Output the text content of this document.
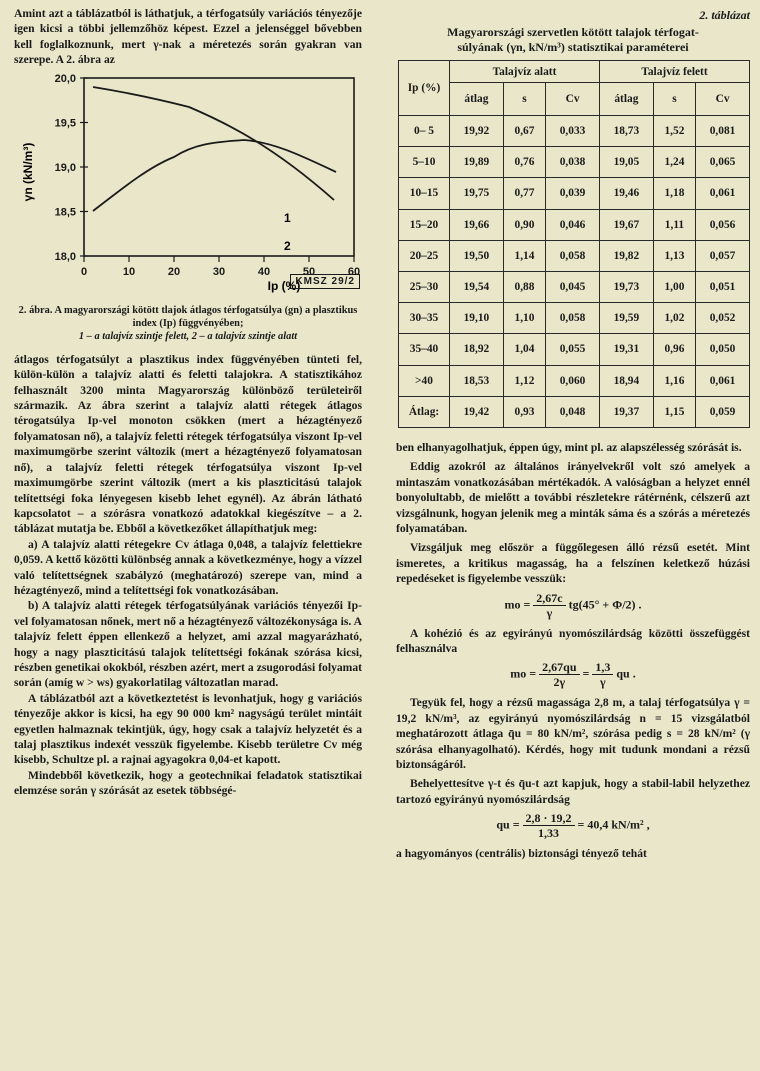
Amint azt a táblázatból is láthatjuk, a térfogatsúly variációs tényezője igen kicsi a többi jellemzőhöz képest. Ezzel a jelenséggel bővebben kell foglalkoznunk, mert γ-nak a méretezés során gyakran van szerepe. A 2. ábra az

20,0
19,5
19,0
18,5
18,0
γn (kN/m³)
0	10	20	30	40	50	60
Ip (%)
1
2
KMSZ 29/2
2. ábra. A magyarországi kötött tlajok átlagos térfogatsúlya (gn) a plasztikus index (Ip) függvényében;
1 – a talajvíz szintje felett, 2 – a talajvíz szintje alatt

átlagos térfogatsúlyt a plasztikus index függvényében tünteti fel, külön-külön a talajvíz alatti és feletti talajokra. A statisztikához felhasznált 3200 minta Magyarország különböző területeiről származik. Az ábra szerint a talajvíz alatti rétegek átlagos térogatsúlya Ip-vel monoton csökken (mert a hézagtényező folyamatosan nő), a talajvíz feletti rétegek térfogatsúlya viszont Ip-vel maximumgörbe szerint változik (mert a hézagtényező folyamatosan nő), a talajvíz feletti rétegek térfogatsúlya viszont Ip-vel maximumgörbe szerint változik (mert a kis plaszticitású talajok telítettségi foka lényegesen kisebb lehet egynél). Az ábrán látható kapcsolatot – a szórásra vonatkozó adatokkal kiegészítve – a 2. táblázat mutatja be. Ebből a következőket állapíthatjuk meg:

a) A talajvíz alatti rétegekre Cv átlaga 0,048, a talajvíz felettiekre 0,059. A kettő közötti különbség annak a következménye, hogy a vízzel való telítettségnek szabályzó (meghatározó) szerepe van, mind a hézagtényező, mind a telítettségi fok vonatkozásában.

b) A talajvíz alatti rétegek térfogatsúlyának variációs tényezői Ip-vel folyamatosan nőnek, mert nő a hézagtényező változékonysága is. A talajvíz felett éppen ellenkező a helyzet, ami azzal magyarázható, hogy a nagy plaszticitású talajok telítettségi fokának szórása kicsi, részben genetikai okokból, részben azért, mert a zsugorodási folyamat során (amíg w > ws) gyakorlatilag változatlan marad.

A táblázatból azt a következtetést is levonhatjuk, hogy g variációs tényezője akkor is kicsi, ha egy 90 000 km² nagyságú terület mintáit egyetlen halmaznak tekintjük, úgy, hogy csak a talajvíz helyzetét és a talaj plasztikus indexét vesszük figyelembe. Kisebb területre Cv még kisebb, Schultze pl. a rajnai agyagokra 0,04-et kapott.

Mindebből következik, hogy a geotechnikai feladatok statisztikai elemzése során γ szórását az esetek többségé-

2. táblázat
Magyarországi szervetlen kötött talajok térfogat-
súlyának (γn, kN/m³) statisztikai paraméterei
Ip (%)	Talajvíz alatt			Talajvíz felett		
	átlag	s	Cv	átlag	s	Cv
0– 5	19,92	0,67	0,033	18,73	1,52	0,081
5–10	19,89	0,76	0,038	19,05	1,24	0,065
10–15	19,75	0,77	0,039	19,46	1,18	0,061
15–20	19,66	0,90	0,046	19,67	1,11	0,056
20–25	19,50	1,14	0,058	19,82	1,13	0,057
25–30	19,54	0,88	0,045	19,73	1,00	0,051
30–35	19,10	1,10	0,058	19,59	1,02	0,052
35–40	18,92	1,04	0,055	19,31	0,96	0,050
>40	18,53	1,12	0,060	18,94	1,16	0,061
Átlag:	19,42	0,93	0,048	19,37	1,15	0,059

ben elhanyagolhatjuk, éppen úgy, mint pl. az alapszélesség szórását is.

Eddig azokról az általános irányelvekről volt szó amelyek a mintaszám vonatkozásában mértékadók. A valóságban a helyzet ennél bonyolultabb, de mielőtt a további részletekre rátérnénk, célszerű azt vizsgálnunk, hogyan jelenik meg a minták sáma és a szórás a méretezés folyamatában.

Vizsgáljuk meg először a függőlegesen álló rézsű esetét. Mint ismeretes, a kritikus magasság, ha a felszínen keletkező húzási repedéseket is figyelembe vesszük:

mo = $\frac{2,67c}{\gamma} tg(45^\circ + \Phi/2)$ .

A kohézió és az egyirányú nyomószilárdság közötti összefüggést felhasználva

mo = $\frac{2,67qu}{2\gamma} = \frac{1,3}{\gamma}$ qu .

Tegyük fel, hogy a rézsű magassága 2,8 m, a talaj térfogatsúlya γ = 19,2 kN/m³, az egyirányú nyomószilárdság n = 15 vizsgálatból meghatározott átlaga q̄u = 80 kN/m², szórása pedig s = 28 kN/m² (γ szórása elhanyagolható). Kérdés, hogy mit tudunk mondani a rézsű biztonságáról.

Behelyettesítve γ-t és q̄u-t azt kapjuk, hogy a stabil-labil helyzethez tartozó egyirányú nyomószilárdság

qu = $\frac{2,8 \cdot 19,2}{1,33} = 40,4$ kN/m² ,

a hagyományos (centrális) biztonsági tényező tehát
